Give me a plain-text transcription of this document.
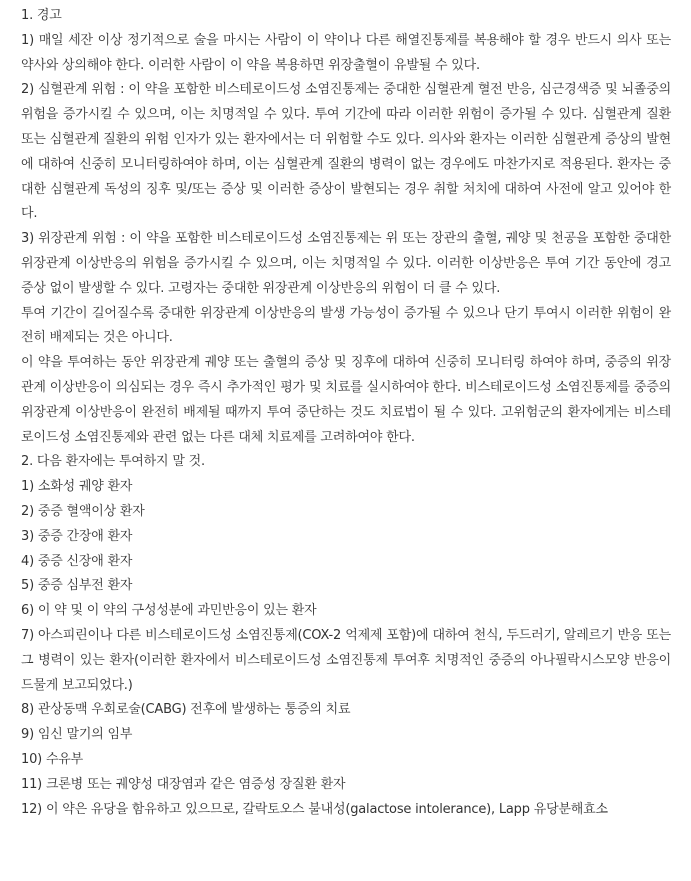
1. 경고

1) 매일 세잔 이상 정기적으로 술을 마시는 사람이 이 약이나 다른 해열진통제를 복용해야 할 경우 반드시 의사 또는 약사와 상의해야 한다. 이러한 사람이 이 약을 복용하면 위장출혈이 유발될 수 있다.

2) 심혈관계 위험 : 이 약을 포함한 비스테로이드성 소염진통제는 중대한 심혈관계 혈전 반응, 심근경색증 및 뇌졸중의 위험을 증가시킬 수 있으며, 이는 치명적일 수 있다. 투여 기간에 따라 이러한 위험이 증가될 수 있다. 심혈관계 질환 또는 심혈관계 질환의 위험 인자가 있는 환자에서는 더 위험할 수도 있다. 의사와 환자는 이러한 심혈관계 증상의 발현에 대하여 신중히 모니터링하여야 하며, 이는 심혈관계 질환의 병력이 없는 경우에도 마찬가지로 적용된다. 환자는 중대한 심혈관계 독성의 징후 및/또는 증상 및 이러한 증상이 발현되는 경우 취할 처치에 대하여 사전에 알고 있어야 한다.

3) 위장관계 위험 : 이 약을 포함한 비스테로이드성 소염진통제는 위 또는 장관의 출혈, 궤양 및 천공을 포함한 중대한 위장관계 이상반응의 위험을 증가시킬 수 있으며, 이는 치명적일 수 있다. 이러한 이상반응은 투여 기간 동안에 경고 증상 없이 발생할 수 있다. 고령자는 중대한 위장관계 이상반응의 위험이 더 클 수 있다.

투여 기간이 길어질수록 중대한 위장관계 이상반응의 발생 가능성이 증가될 수 있으나 단기 투여시 이러한 위험이 완전히 배제되는 것은 아니다.

이 약을 투여하는 동안 위장관계 궤양 또는 출혈의 증상 및 징후에 대하여 신중히 모니터링 하여야 하며, 중증의 위장관계 이상반응이 의심되는 경우 즉시 추가적인 평가 및 치료를 실시하여야 한다. 비스테로이드성 소염진통제를 중증의 위장관계 이상반응이 완전히 배제될 때까지 투여 중단하는 것도 치료법이 될 수 있다. 고위험군의 환자에게는 비스테로이드성 소염진통제와 관련 없는 다른 대체 치료제를 고려하여야 한다.

2. 다음 환자에는 투여하지 말 것.

1) 소화성 궤양 환자

2) 중증 혈액이상 환자

3) 중증 간장애 환자

4) 중증 신장애 환자

5) 중증 심부전 환자

6) 이 약 및 이 약의 구성성분에 과민반응이 있는 환자

7) 아스피린이나 다른 비스테로이드성 소염진통제(COX-2 억제제 포함)에 대하여 천식, 두드러기, 알레르기 반응 또는 그 병력이 있는 환자(이러한 환자에서 비스테로이드성 소염진통제 투여후 치명적인 중증의 아나필락시스모양 반응이 드물게 보고되었다.)

8) 관상동맥 우회로술(CABG) 전후에 발생하는 통증의 치료

9) 임신 말기의 임부

10) 수유부

11) 크론병 또는 궤양성 대장염과 같은 염증성 장질환 환자

12) 이 약은 유당을 함유하고 있으므로, 갈락토오스 불내성(galactose intolerance), Lapp 유당분해효소
